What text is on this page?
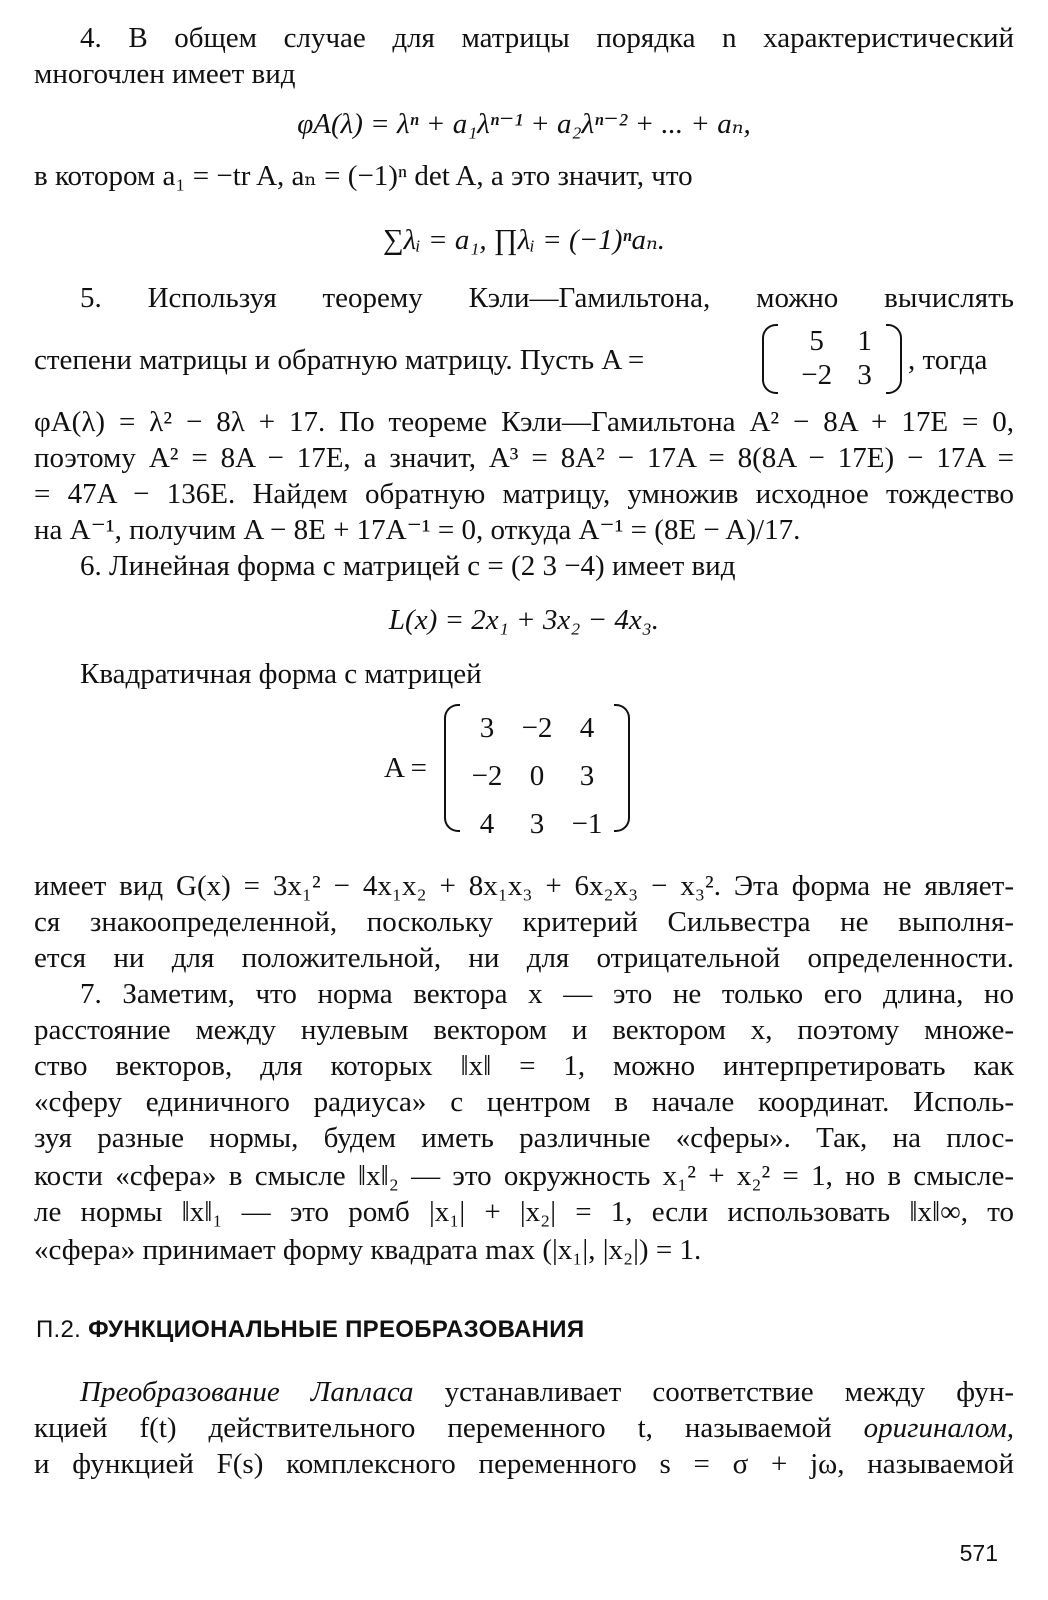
4. В общем случае для матрицы порядка n характеристический
многочлен имеет вид
φA(λ) = λⁿ + a₁λⁿ⁻¹ + a₂λⁿ⁻² + ... + aₙ,
в котором a₁ = −tr A, aₙ = (−1)ⁿ det A, а это значит, что
∑λᵢ = a₁, ∏λᵢ = (−1)ⁿaₙ.
5. Используя теорему Кэли—Гамильтона, можно вычислять
степени матрицы и обратную матрицу. Пусть A =
5	1
−2	3 , тогда
φA(λ) = λ² − 8λ + 17. По теореме Кэли—Гамильтона A² − 8A + 17E = 0,
поэтому A² = 8A − 17E, а значит, A³ = 8A² − 17A = 8(8A − 17E) − 17A =
= 47A − 136E. Найдем обратную матрицу, умножив исходное тождество
на A⁻¹, получим A − 8E + 17A⁻¹ = 0, откуда A⁻¹ = (8E − A)/17.
6. Линейная форма с матрицей c = (2 3 −4) имеет вид
L(x) = 2x₁ + 3x₂ − 4x₃.
Квадратичная форма с матрицей
A =
3	−2	4
−2	0	3
4	3	−1
имеет вид G(x) = 3x₁² − 4x₁x₂ + 8x₁x₃ + 6x₂x₃ − x₃². Эта форма не являет-
ся знакоопределенной, поскольку критерий Сильвестра не выполня-
ется ни для положительной, ни для отрицательной определенности.
7. Заметим, что норма вектора x — это не только его длина, но
расстояние между нулевым вектором и вектором x, поэтому множе-
ство векторов, для которых ‖x‖ = 1, можно интерпретировать как
«сферу единичного радиуса» с центром в начале координат. Исполь-
зуя разные нормы, будем иметь различные «сферы». Так, на плос-
кости «сфера» в смысле ‖x‖₂ — это окружность x₁² + x₂² = 1, но в смысле-
ле нормы ‖x‖₁ — это ромб |x₁| + |x₂| = 1, если использовать ‖x‖∞, то
«сфера» принимает форму квадрата max (|x₁|, |x₂|) = 1.
П.2. ФУНКЦИОНАЛЬНЫЕ ПРЕОБРАЗОВАНИЯ
Преобразование Лапласа устанавливает соответствие между фун-
кцией f(t) действительного переменного t, называемой оригиналом,
и функцией F(s) комплексного переменного s = σ + jω, называемой
571
